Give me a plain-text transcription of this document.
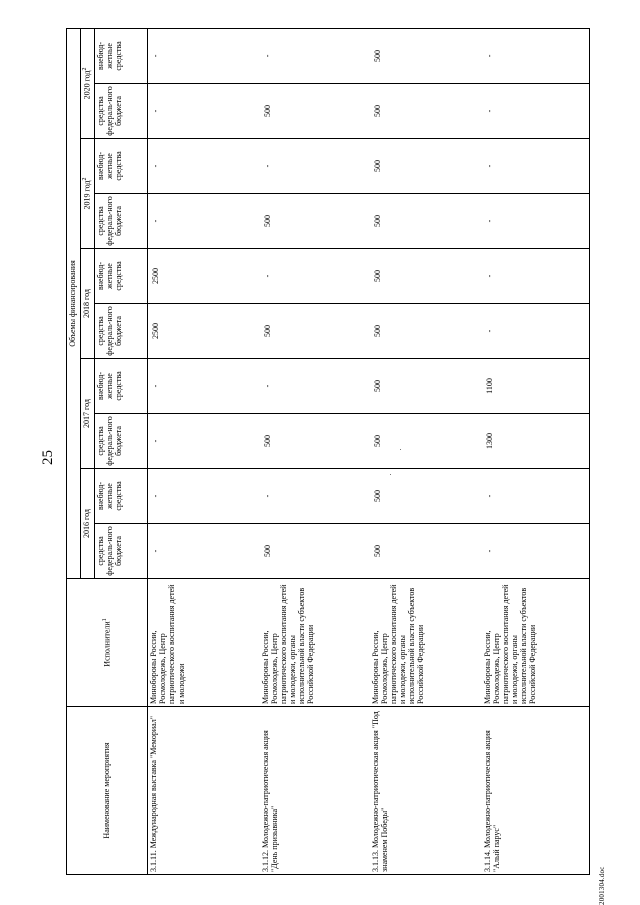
25
Наименование мероприятия	Исполнители$^1$	Объемы финансирования									
		2016 год		2017 год		2018 год		2019 год$^2$		2020 год$^2$
		средства федераль-ного бюджета	внебюд-жетные средства	средства федераль-ного бюджета	внебюд-жетные средства	средства федераль-ного бюджета	внебюд-жетные средства	средства федераль-ного бюджета	внебюд-жетные средства	средства федераль-ного бюджета	внебюд-жетные средства
3.1.11. Международная выставка "Мемориал"	Минобороны России, Росмолодежь, Центр патриотического воспитания детей и молодежи	-	-	-	-	2500	2500	-	-	-	-
3.1.12. Молодежно-патриотическая акция "День призывника"	Минобороны России, Росмолодежь, Центр патриотического воспитания детей и молодежи, органы исполнительной власти субъектов Российской Федерации	500	-	500	-	500	-	500	-	500	-
3.1.13. Молодежно-патриотическая акция "Под знаменем Победы"	Минобороны России, Росмолодежь, Центр патриотического воспитания детей и молодежи, органы исполнительной власти субъектов Российской Федерации	500	500	500	500	500	500	500	500	500	500
3.1.14. Молодежно-патриотическая акция "Алый парус"	Минобороны России, Росмолодежь, Центр патриотического воспитания детей и молодежи, органы исполнительной власти субъектов Российской Федерации	-	-	1300	1100	-	-	-	-	-	-
2001304.doc
